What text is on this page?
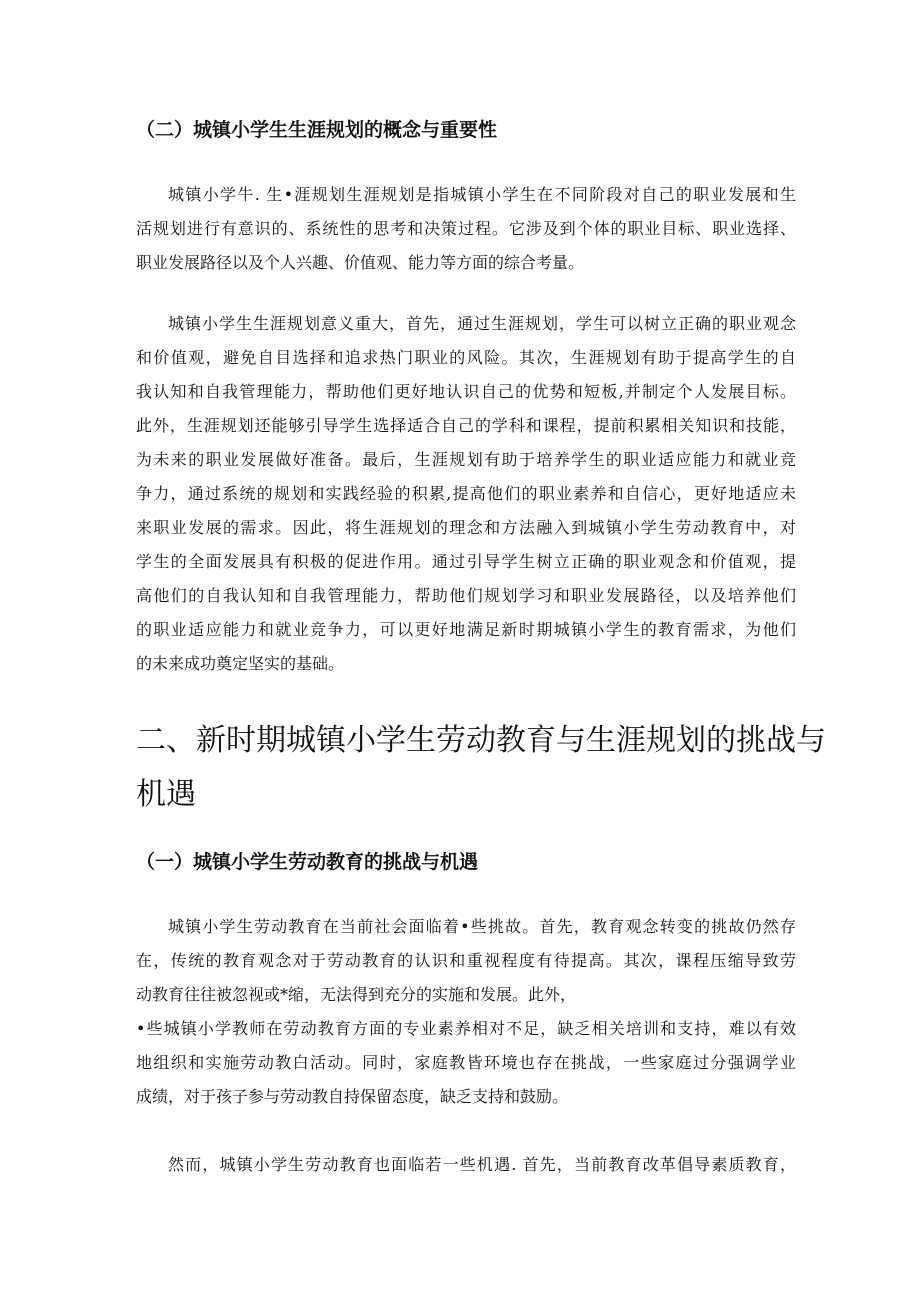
（二）城镇小学生生涯规划的概念与重要性
城镇小学牛. 生•涯规划生涯规划是指城镇小学生在不同阶段对自己的职业发展和生
活规划进行有意识的、系统性的思考和决策过程。它涉及到个体的职业目标、职业选择、
职业发展路径以及个人兴趣、价值观、能力等方面的综合考量。
城镇小学生生涯规划意义重大，首先，通过生涯规划，学生可以树立正确的职业观念
和价值观，避免自目选择和追求热门职业的风险。其次，生涯规划有助于提高学生的自
我认知和自我管理能力，帮助他们更好地认识自己的优势和短板,并制定个人发展目标。
此外，生涯规划还能够引导学生选择适合自己的学科和课程，提前积累相关知识和技能，
为未来的职业发展做好准备。最后，生涯规划有助于培养学生的职业适应能力和就业竞
争力，通过系统的规划和实践经验的积累,提高他们的职业素养和自信心，更好地适应未
来职业发展的需求。因此，将生涯规划的理念和方法融入到城镇小学生劳动教育中，对
学生的全面发展具有积极的促进作用。通过引导学生树立正确的职业观念和价值观，提
高他们的自我认知和自我管理能力，帮助他们规划学习和职业发展路径，以及培养他们
的职业适应能力和就业竞争力，可以更好地满足新时期城镇小学生的教育需求，为他们
的未来成功奠定坚实的基础。
二、新时期城镇小学生劳动教育与生涯规划的挑战与
机遇
（一）城镇小学生劳动教育的挑战与机遇
城镇小学生劳动教育在当前社会面临着•些挑故。首先，教育观念转变的挑故仍然存
在，传统的教育观念对于劳动教育的认识和重视程度有待提高。其次，课程压缩导致劳
动教育往往被忽视或*缩，无法得到充分的实施和发展。此外，
•些城镇小学教师在劳动教育方面的专业素养相对不足，缺乏相关培训和支持，难以有效
地组织和实施劳动教白活动。同时，家庭教皆环境也存在挑战，一些家庭过分强调学业
成绩，对于孩子参与劳动教自持保留态度，缺乏支持和鼓励。
然而，城镇小学生劳动教育也面临若一些机遇. 首先，当前教育改革倡导素质教育，
